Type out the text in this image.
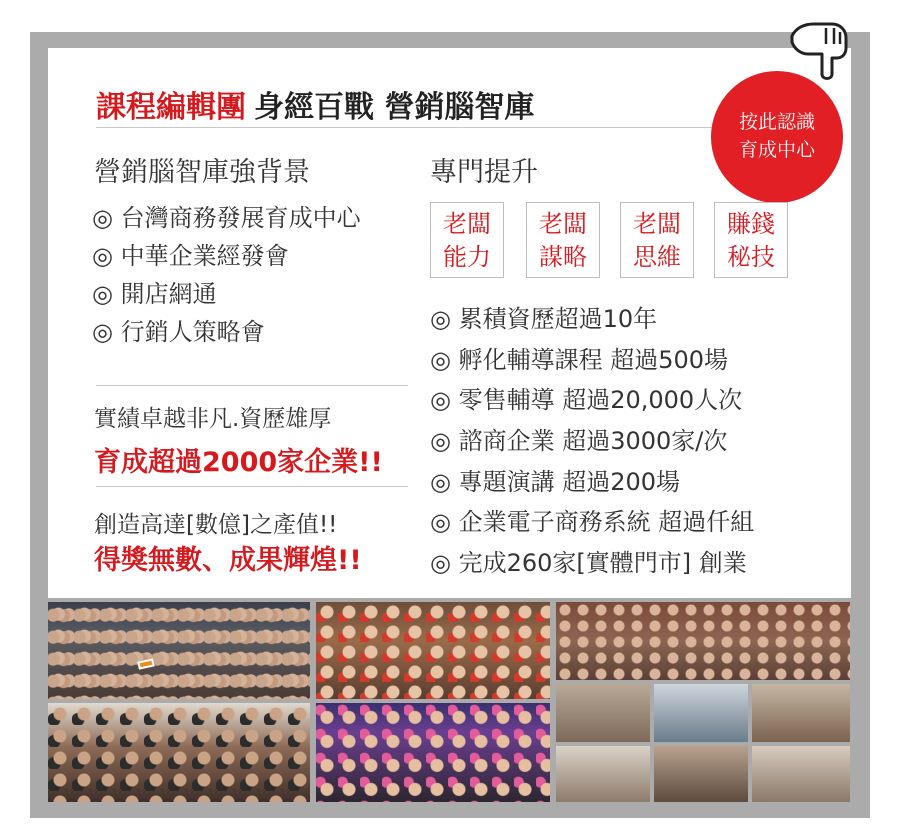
課程編輯團 身經百戰 營銷腦智庫	按此認識
育成中心
營銷腦智庫強背景
◎ 台灣商務發展育成中心
◎ 中華企業經發會
◎ 開店網通
◎ 行銷人策略會
實績卓越非凡.資歷雄厚
育成超過2000家企業!!
創造高達[數億]之產值!!
得獎無數、成果輝煌!!
專門提升
老闆
能力
老闆
謀略
老闆
思維
賺錢
秘技
◎ 累積資歷超過10年
◎ 孵化輔導課程 超過500場
◎ 零售輔導 超過20,000人次
◎ 諮商企業 超過3000家/次
◎ 專題演講 超過200場
◎ 企業電子商務系統 超過仟組
◎ 完成260家[實體門市] 創業
